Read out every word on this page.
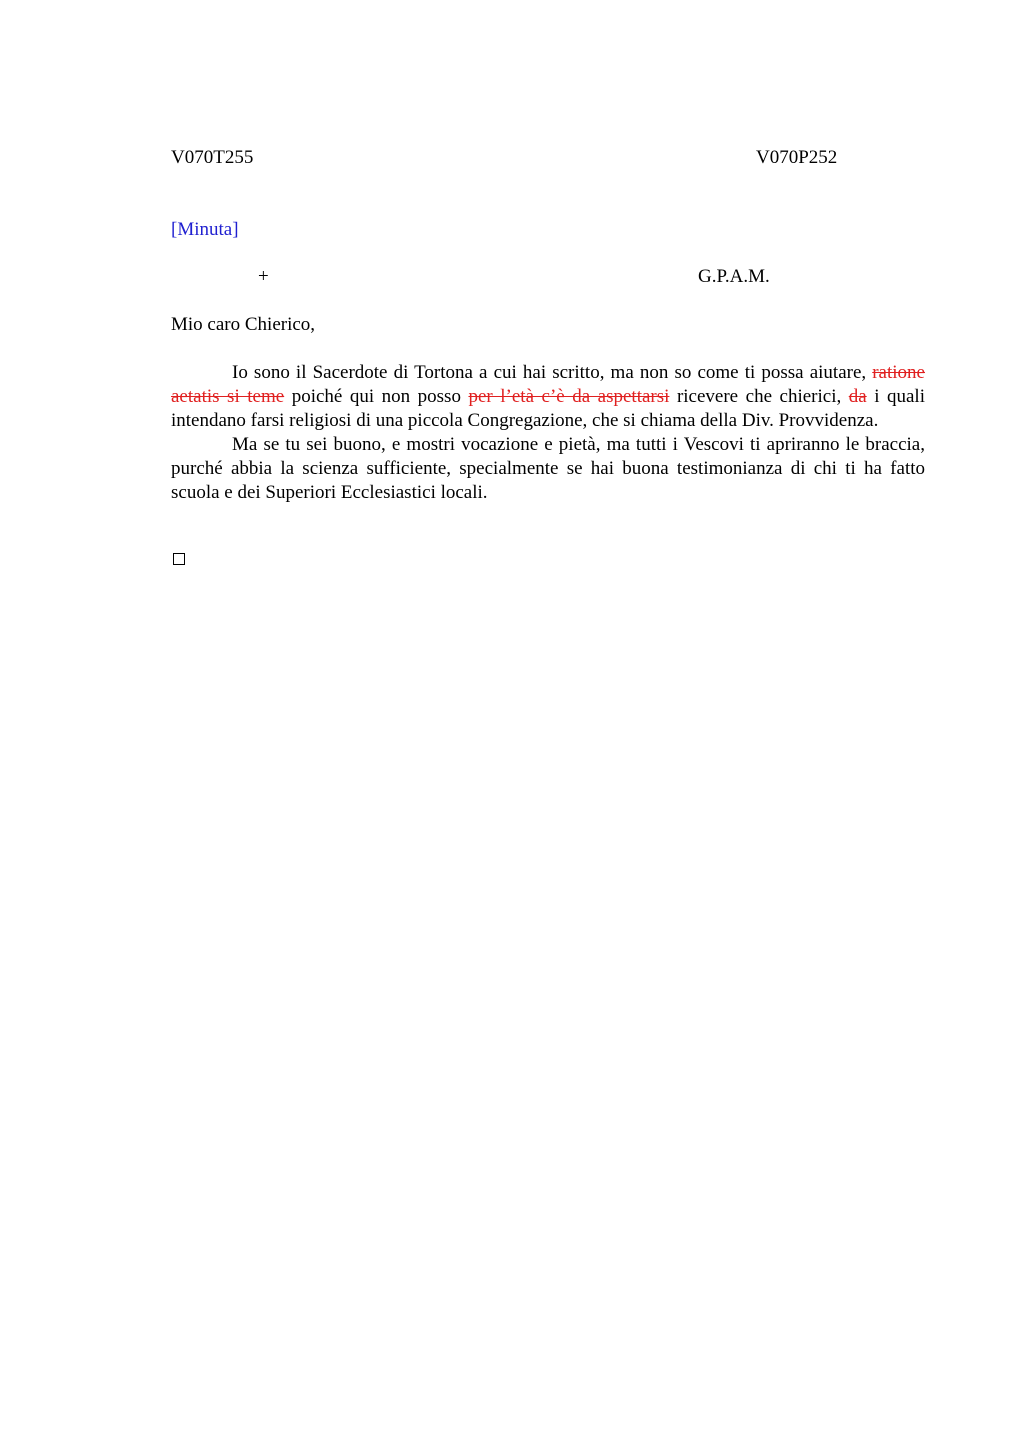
V070T255	V070P252
[Minuta]
+	G.P.A.M.
Mio caro Chierico,

Io sono il Sacerdote di Tortona a cui hai scritto, ma non so come ti possa aiutare, ratione aetatis si teme poiché qui non posso per l’età c’è da aspettarsi ricevere che chierici, da i quali intendano farsi religiosi di una piccola Congregazione, che si chiama della Div. Provvidenza.

Ma se tu sei buono, e mostri vocazione e pietà, ma tutti i Vescovi ti apriranno le braccia, purché abbia la scienza sufficiente, specialmente se hai buona testimonianza di chi ti ha fatto scuola e dei Superiori Ecclesiastici locali.
